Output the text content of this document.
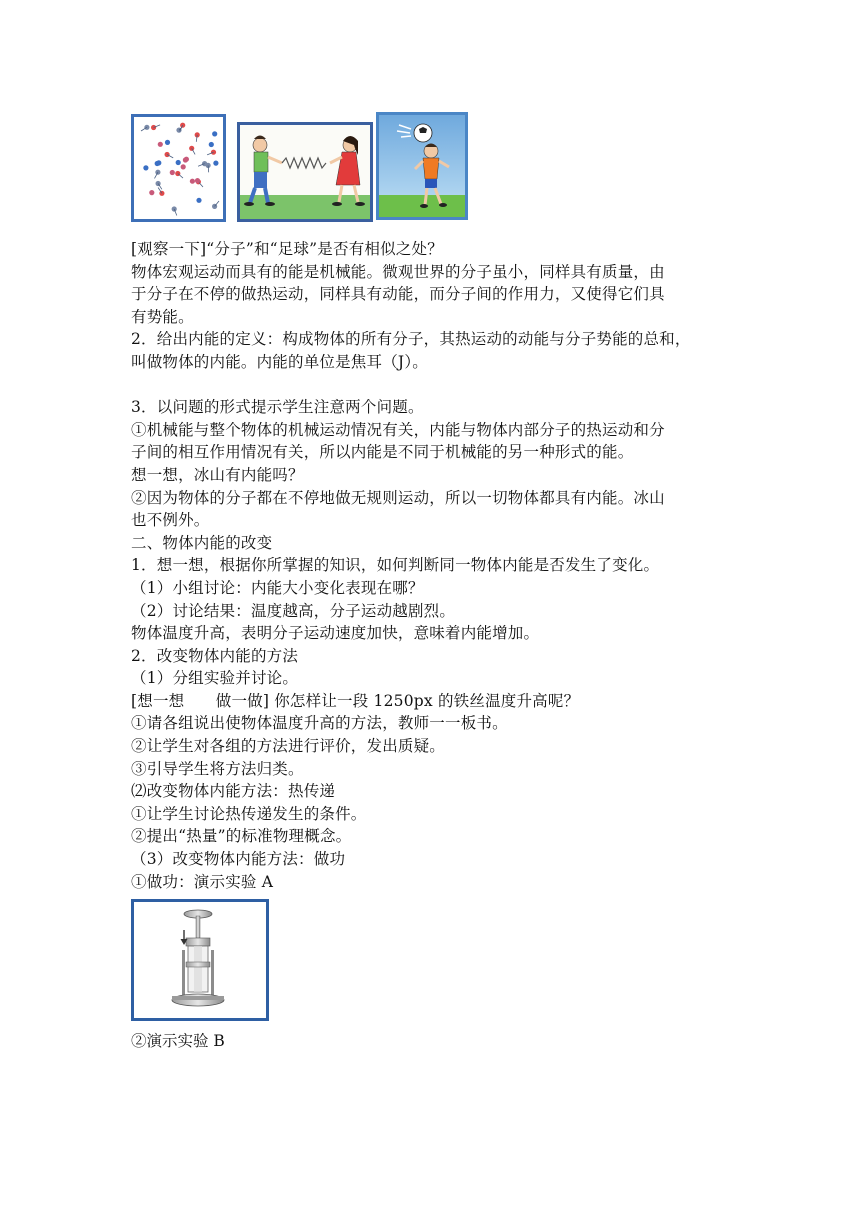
[观察一下]“分子”和“足球”是否有相似之处？
物体宏观运动而具有的能是机械能。微观世界的分子虽小，同样具有质量，由
于分子在不停的做热运动，同样具有动能，而分子间的作用力，又使得它们具
有势能。
2．给出内能的定义：构成物体的所有分子，其热运动的动能与分子势能的总和，
叫做物体的内能。内能的单位是焦耳（J）。
3．以问题的形式提示学生注意两个问题。
①机械能与整个物体的机械运动情况有关，内能与物体内部分子的热运动和分
子间的相互作用情况有关，所以内能是不同于机械能的另一种形式的能。
想一想，冰山有内能吗？
②因为物体的分子都在不停地做无规则运动，所以一切物体都具有内能。冰山
也不例外。
二、物体内能的改变
1．想一想，根据你所掌握的知识，如何判断同一物体内能是否发生了变化。
（1）小组讨论：内能大小变化表现在哪？
（2）讨论结果：温度越高，分子运动越剧烈。
物体温度升高，表明分子运动速度加快，意味着内能增加。
2．改变物体内能的方法
（1）分组实验并讨论。
[想一想　　做一做] 你怎样让一段 1250px 的铁丝温度升高呢？
①请各组说出使物体温度升高的方法，教师一一板书。
②让学生对各组的方法进行评价，发出质疑。
③引导学生将方法归类。
⑵改变物体内能方法：热传递
①让学生讨论热传递发生的条件。
②提出“热量”的标准物理概念。
（3）改变物体内能方法：做功
①做功：演示实验 A
②演示实验 B
